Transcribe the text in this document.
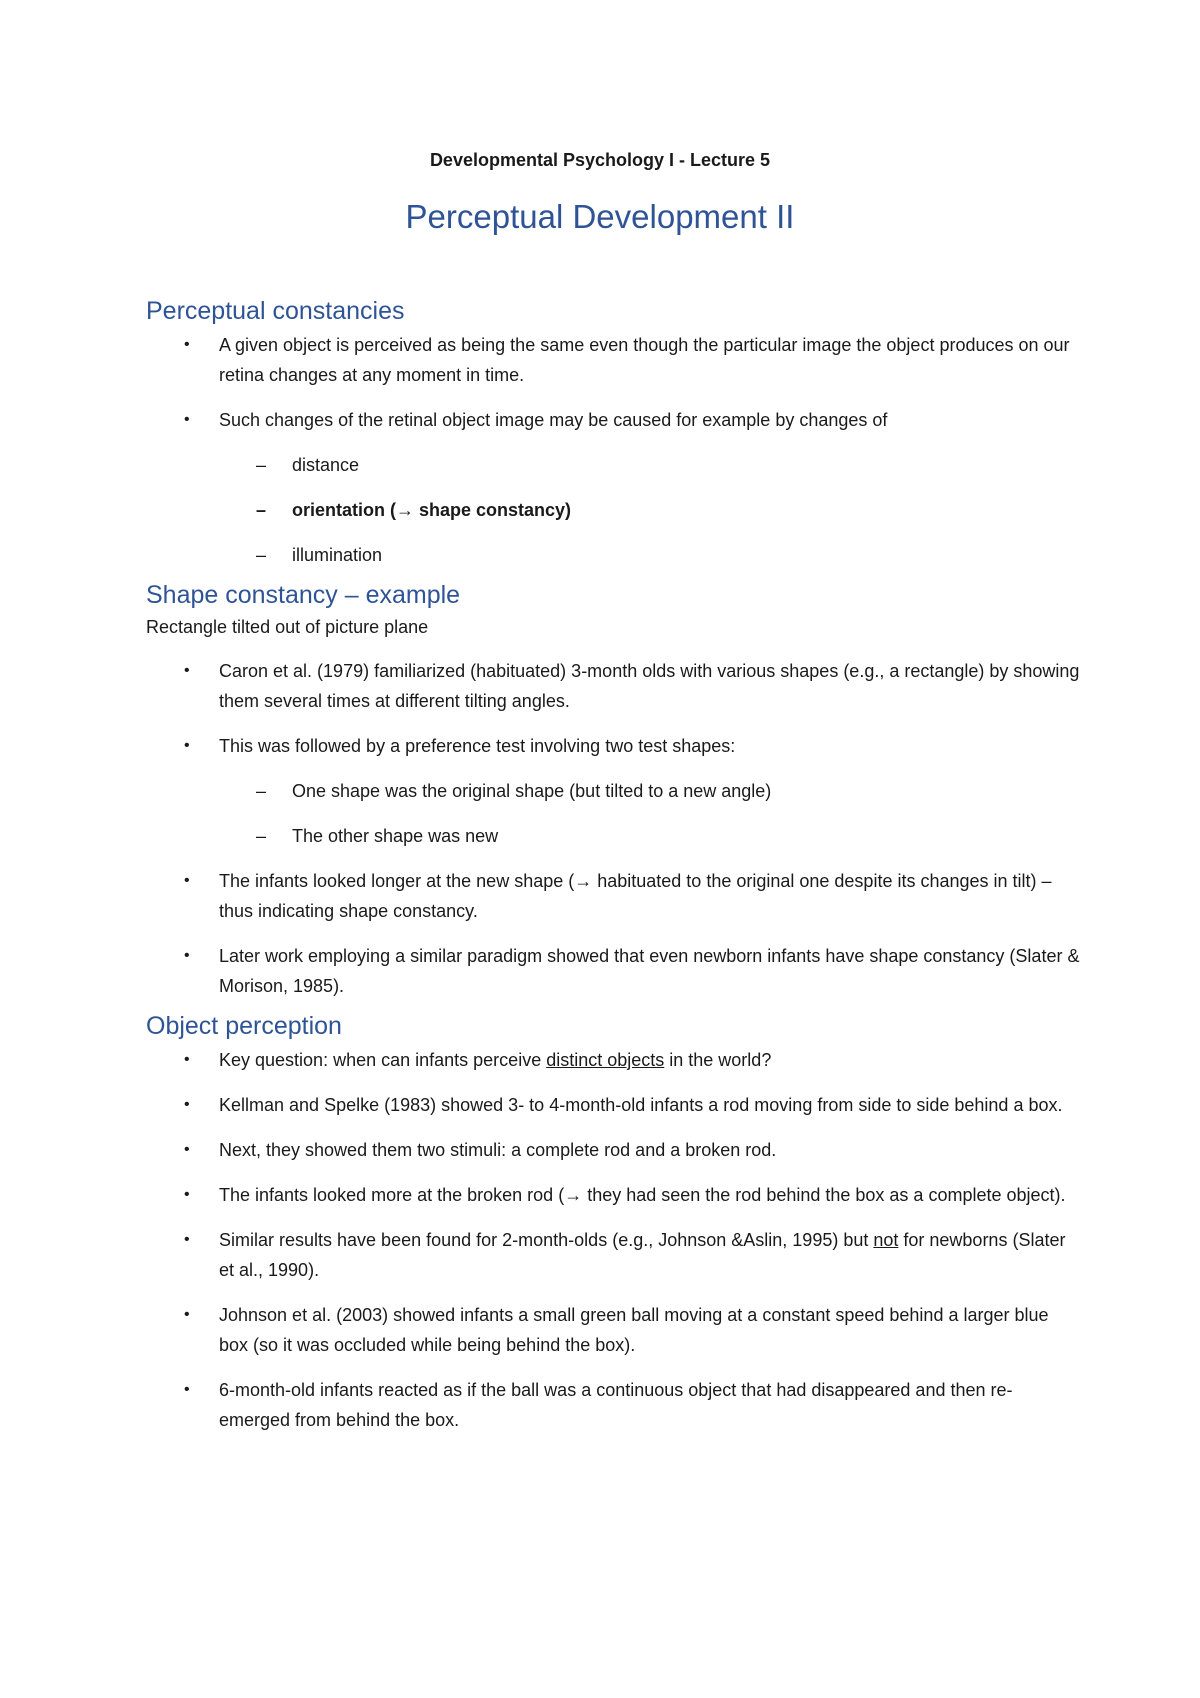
Developmental Psychology I - Lecture 5
Perceptual Development II
Perceptual constancies
• A given object is perceived as being the same even though the particular image the object produces on our retina changes at any moment in time.
• Such changes of the retinal object image may be caused for example by changes of
– distance
– orientation (→ shape constancy)
– illumination
Shape constancy – example
Rectangle tilted out of picture plane
• Caron et al. (1979) familiarized (habituated) 3-month olds with various shapes (e.g., a rectangle) by showing them several times at different tilting angles.
• This was followed by a preference test involving two test shapes:
– One shape was the original shape (but tilted to a new angle)
– The other shape was new
• The infants looked longer at the new shape (→ habituated to the original one despite its changes in tilt) – thus indicating shape constancy.
• Later work employing a similar paradigm showed that even newborn infants have shape constancy (Slater & Morison, 1985).
Object perception
• Key question: when can infants perceive distinct objects in the world?
• Kellman and Spelke (1983) showed 3- to 4-month-old infants a rod moving from side to side behind a box.
• Next, they showed them two stimuli: a complete rod and a broken rod.
• The infants looked more at the broken rod (→ they had seen the rod behind the box as a complete object).
• Similar results have been found for 2-month-olds (e.g., Johnson &Aslin, 1995) but not for newborns (Slater et al., 1990).
• Johnson et al. (2003) showed infants a small green ball moving at a constant speed behind a larger blue box (so it was occluded while being behind the box).
• 6-month-old infants reacted as if the ball was a continuous object that had disappeared and then re-emerged from behind the box.
